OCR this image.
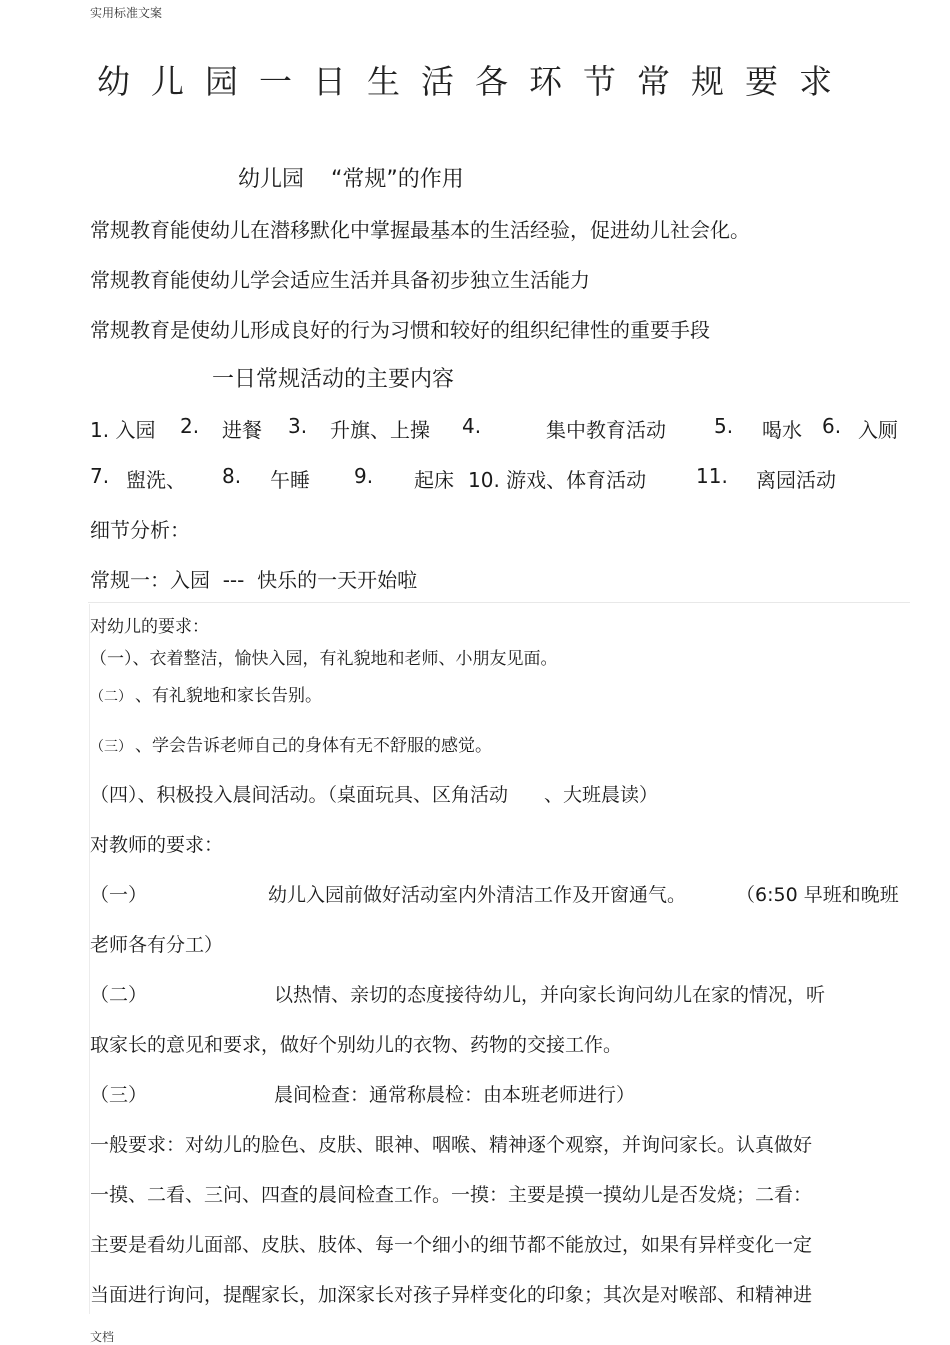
实用标准文案
幼儿园一日生活各环节常规要求
幼儿园 “常规”的作用
常规教育能使幼儿在潜移默化中掌握最基本的生活经验，促进幼儿社会化。
常规教育能使幼儿学会适应生活并具备初步独立生活能力
常规教育是使幼儿形成良好的行为习惯和较好的组织纪律性的重要手段
一日常规活动的主要内容
1. 入园 2. 进餐 3. 升旗、上操 4.	集中教育活动 5. 喝水 6. 入厕
7. 盥洗、 8. 午睡 9. 起床 10. 游戏、体育活动 11. 离园活动
细节分析：
常规一：入园  ---  快乐的一天开始啦
对幼儿的要求：
（一）、衣着整洁，愉快入园，有礼貌地和老师、小朋友见面。
（二） 、有礼貌地和家长告别。
（三） 、学会告诉老师自己的身体有无不舒服的感觉。
（四）、积极投入晨间活动。（桌面玩具、区角活动 、大班晨读）
对教师的要求：
（一）	幼儿入园前做好活动室内外清洁工作及开窗通气。	（6:50 早班和晚班
老师各有分工）
（二）	以热情、亲切的态度接待幼儿，并向家长询问幼儿在家的情况，听
取家长的意见和要求，做好个别幼儿的衣物、药物的交接工作。
（三）	晨间检查：通常称晨检：由本班老师进行）
一般要求：对幼儿的脸色、皮肤、眼神、咽喉、精神逐个观察，并询问家长。认真做好
一摸、二看、三问、四查的晨间检查工作。一摸：主要是摸一摸幼儿是否发烧；二看：
主要是看幼儿面部、皮肤、肢体、每一个细小的细节都不能放过，如果有异样变化一定
当面进行询问，提醒家长，加深家长对孩子异样变化的印象；其次是对喉部、和精神进
文档
